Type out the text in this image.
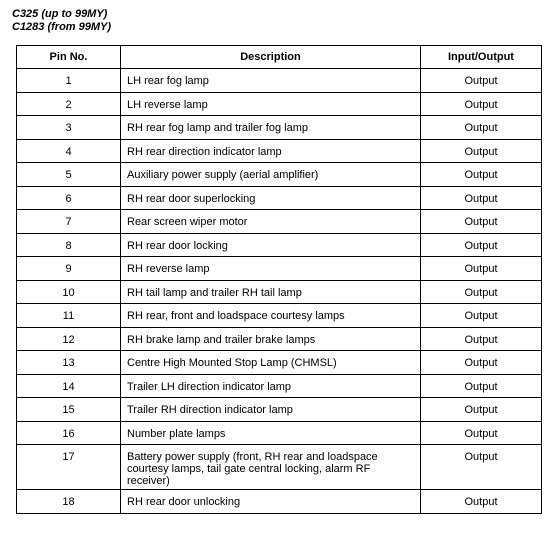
C325 (up to 99MY)
C1283 (from 99MY)
Pin No.	Description	Input/Output
1	LH rear fog lamp	Output
2	LH reverse lamp	Output
3	RH rear fog lamp and trailer fog lamp	Output
4	RH rear direction indicator lamp	Output
5	Auxiliary power supply (aerial amplifier)	Output
6	RH rear door superlocking	Output
7	Rear screen wiper motor	Output
8	RH rear door locking	Output
9	RH reverse lamp	Output
10	RH tail lamp and trailer RH tail lamp	Output
11	RH rear, front and loadspace courtesy lamps	Output
12	RH brake lamp and trailer brake lamps	Output
13	Centre High Mounted Stop Lamp (CHMSL)	Output
14	Trailer LH direction indicator lamp	Output
15	Trailer RH direction indicator lamp	Output
16	Number plate lamps	Output
17	Battery power supply (front, RH rear and loadspace courtesy lamps, tail gate central locking, alarm RF receiver)	Output
18	RH rear door unlocking	Output
